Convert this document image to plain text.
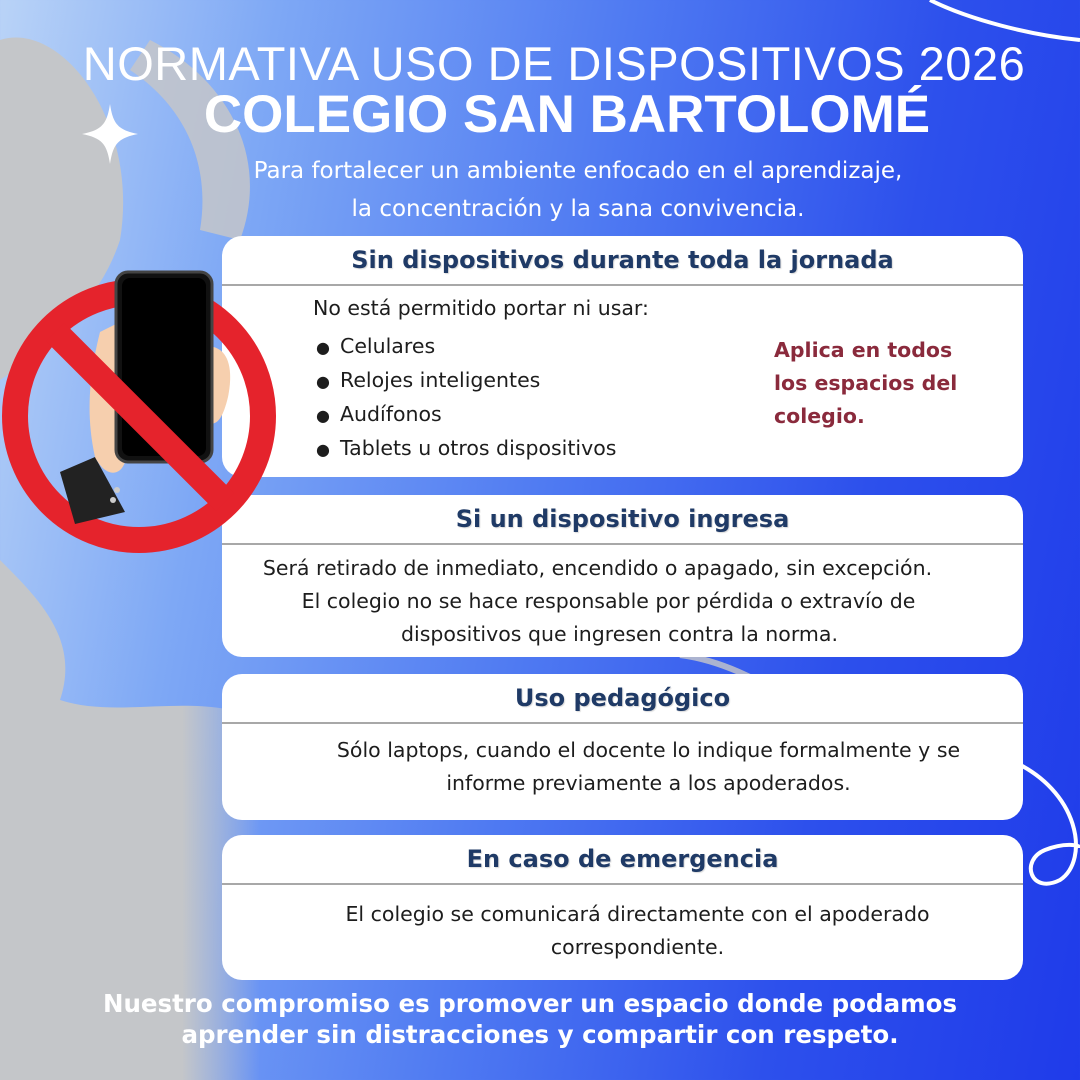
NORMATIVA USO DE DISPOSITIVOS 2026
COLEGIO SAN BARTOLOMÉ
Para fortalecer un ambiente enfocado en el aprendizaje,
la concentración y la sana convivencia.
Sin dispositivos durante toda la jornada
No está permitido portar ni usar:
● Celulares
● Relojes inteligentes
● Audífonos
● Tablets u otros dispositivos
Aplica en todos
los espacios del
colegio.
Si un dispositivo ingresa
Será retirado de inmediato, encendido o apagado, sin excepción.
El colegio no se hace responsable por pérdida o extravío de
dispositivos que ingresen contra la norma.
Uso pedagógico
Sólo laptops, cuando el docente lo indique formalmente y se
informe previamente a los apoderados.
En caso de emergencia
El colegio se comunicará directamente con el apoderado
correspondiente.
Nuestro compromiso es promover un espacio donde podamos
aprender sin distracciones y compartir con respeto.
